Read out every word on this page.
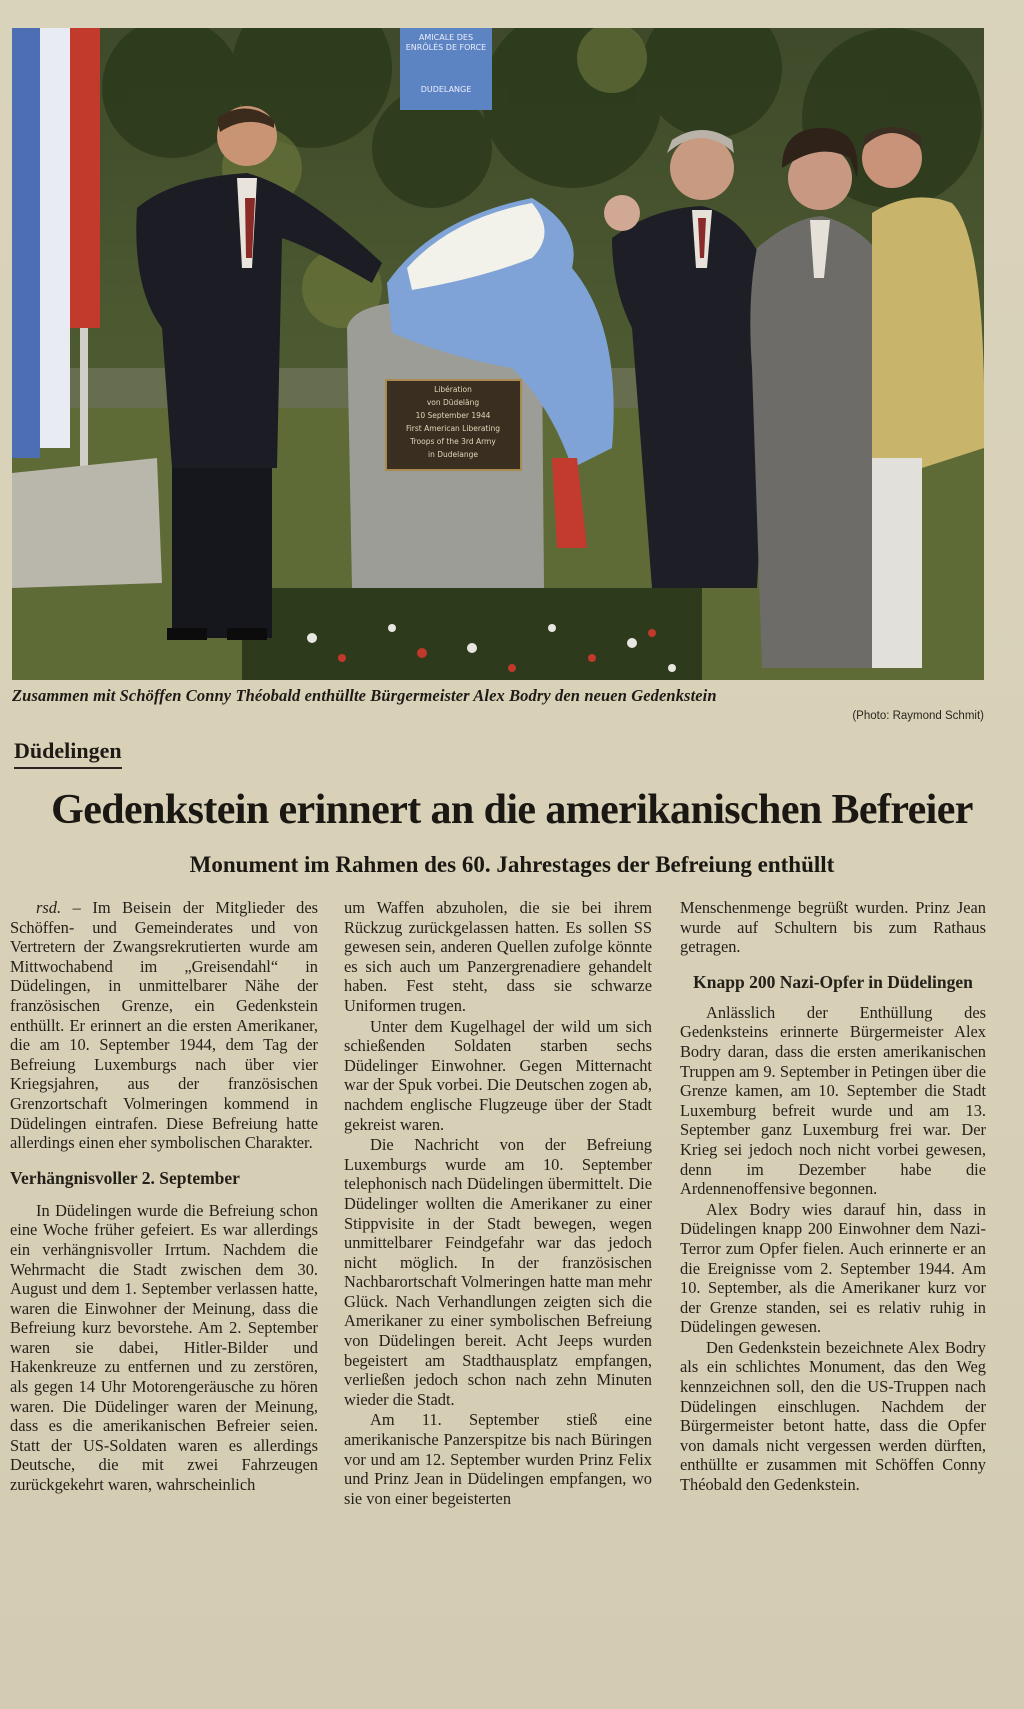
AMICALE DES
ENRÔLÉS DE FORCE
DUDELANGE
Libération
von Düdeläng
10 September 1944
First American Liberating
Troops of the 3rd Army
in Dudelange
Zusammen mit Schöffen Conny Théobald enthüllte Bürgermeister Alex Bodry den neuen Gedenkstein
(Photo: Raymond Schmit)
Düdelingen
Gedenkstein erinnert an die amerikanischen Befreier
Monument im Rahmen des 60. Jahrestages der Befreiung enthüllt

rsd. – Im Beisein der Mitglieder des Schöffen- und Gemeinderates und von Vertretern der Zwangsrekrutierten wurde am Mittwochabend im „Greisendahl“ in Düdelingen, in unmittelbarer Nähe der französischen Grenze, ein Gedenkstein enthüllt. Er erinnert an die ersten Amerikaner, die am 10. September 1944, dem Tag der Befreiung Luxemburgs nach über vier Kriegsjahren, aus der französischen Grenzortschaft Volmeringen kommend in Düdelingen eintrafen. Diese Befreiung hatte allerdings einen eher symbolischen Charakter.

Verhängnisvoller 2. September

In Düdelingen wurde die Befreiung schon eine Woche früher gefeiert. Es war allerdings ein verhängnisvoller Irrtum. Nachdem die Wehrmacht die Stadt zwischen dem 30. August und dem 1. September verlassen hatte, waren die Einwohner der Meinung, dass die Befreiung kurz bevorstehe. Am 2. September waren sie dabei, Hitler-Bilder und Hakenkreuze zu entfernen und zu zerstören, als gegen 14 Uhr Motorengeräusche zu hören waren. Die Düdelinger waren der Meinung, dass es die amerikanischen Befreier seien. Statt der US-Soldaten waren es allerdings Deutsche, die mit zwei Fahrzeugen zurückgekehrt waren, wahrscheinlich

um Waffen abzuholen, die sie bei ihrem Rückzug zurückgelassen hatten. Es sollen SS gewesen sein, anderen Quellen zufolge könnte es sich auch um Panzergrenadiere gehandelt haben. Fest steht, dass sie schwarze Uniformen trugen.

Unter dem Kugelhagel der wild um sich schießenden Soldaten starben sechs Düdelinger Einwohner. Gegen Mitternacht war der Spuk vorbei. Die Deutschen zogen ab, nachdem englische Flugzeuge über der Stadt gekreist waren.

Die Nachricht von der Befreiung Luxemburgs wurde am 10. September telephonisch nach Düdelingen übermittelt. Die Düdelinger wollten die Amerikaner zu einer Stippvisite in der Stadt bewegen, wegen unmittelbarer Feindgefahr war das jedoch nicht möglich. In der französischen Nachbarortschaft Volmeringen hatte man mehr Glück. Nach Verhandlungen zeigten sich die Amerikaner zu einer symbolischen Befreiung von Düdelingen bereit. Acht Jeeps wurden begeistert am Stadthausplatz empfangen, verließen jedoch schon nach zehn Minuten wieder die Stadt.

Am 11. September stieß eine amerikanische Panzerspitze bis nach Büringen vor und am 12. September wurden Prinz Felix und Prinz Jean in Düdelingen empfangen, wo sie von einer begeisterten

Menschenmenge begrüßt wurden. Prinz Jean wurde auf Schultern bis zum Rathaus getragen.

Knapp 200 Nazi-Opfer in Düdelingen

Anlässlich der Enthüllung des Gedenksteins erinnerte Bürgermeister Alex Bodry daran, dass die ersten amerikanischen Truppen am 9. September in Petingen über die Grenze kamen, am 10. September die Stadt Luxemburg befreit wurde und am 13. September ganz Luxemburg frei war. Der Krieg sei jedoch noch nicht vorbei gewesen, denn im Dezember habe die Ardennenoffensive begonnen.

Alex Bodry wies darauf hin, dass in Düdelingen knapp 200 Einwohner dem Nazi-Terror zum Opfer fielen. Auch erinnerte er an die Ereignisse vom 2. September 1944. Am 10. September, als die Amerikaner kurz vor der Grenze standen, sei es relativ ruhig in Düdelingen gewesen.

Den Gedenkstein bezeichnete Alex Bodry als ein schlichtes Monument, das den Weg kennzeichnen soll, den die US-Truppen nach Düdelingen einschlugen. Nachdem der Bürgermeister betont hatte, dass die Opfer von damals nicht vergessen werden dürften, enthüllte er zusammen mit Schöffen Conny Théobald den Gedenkstein.
